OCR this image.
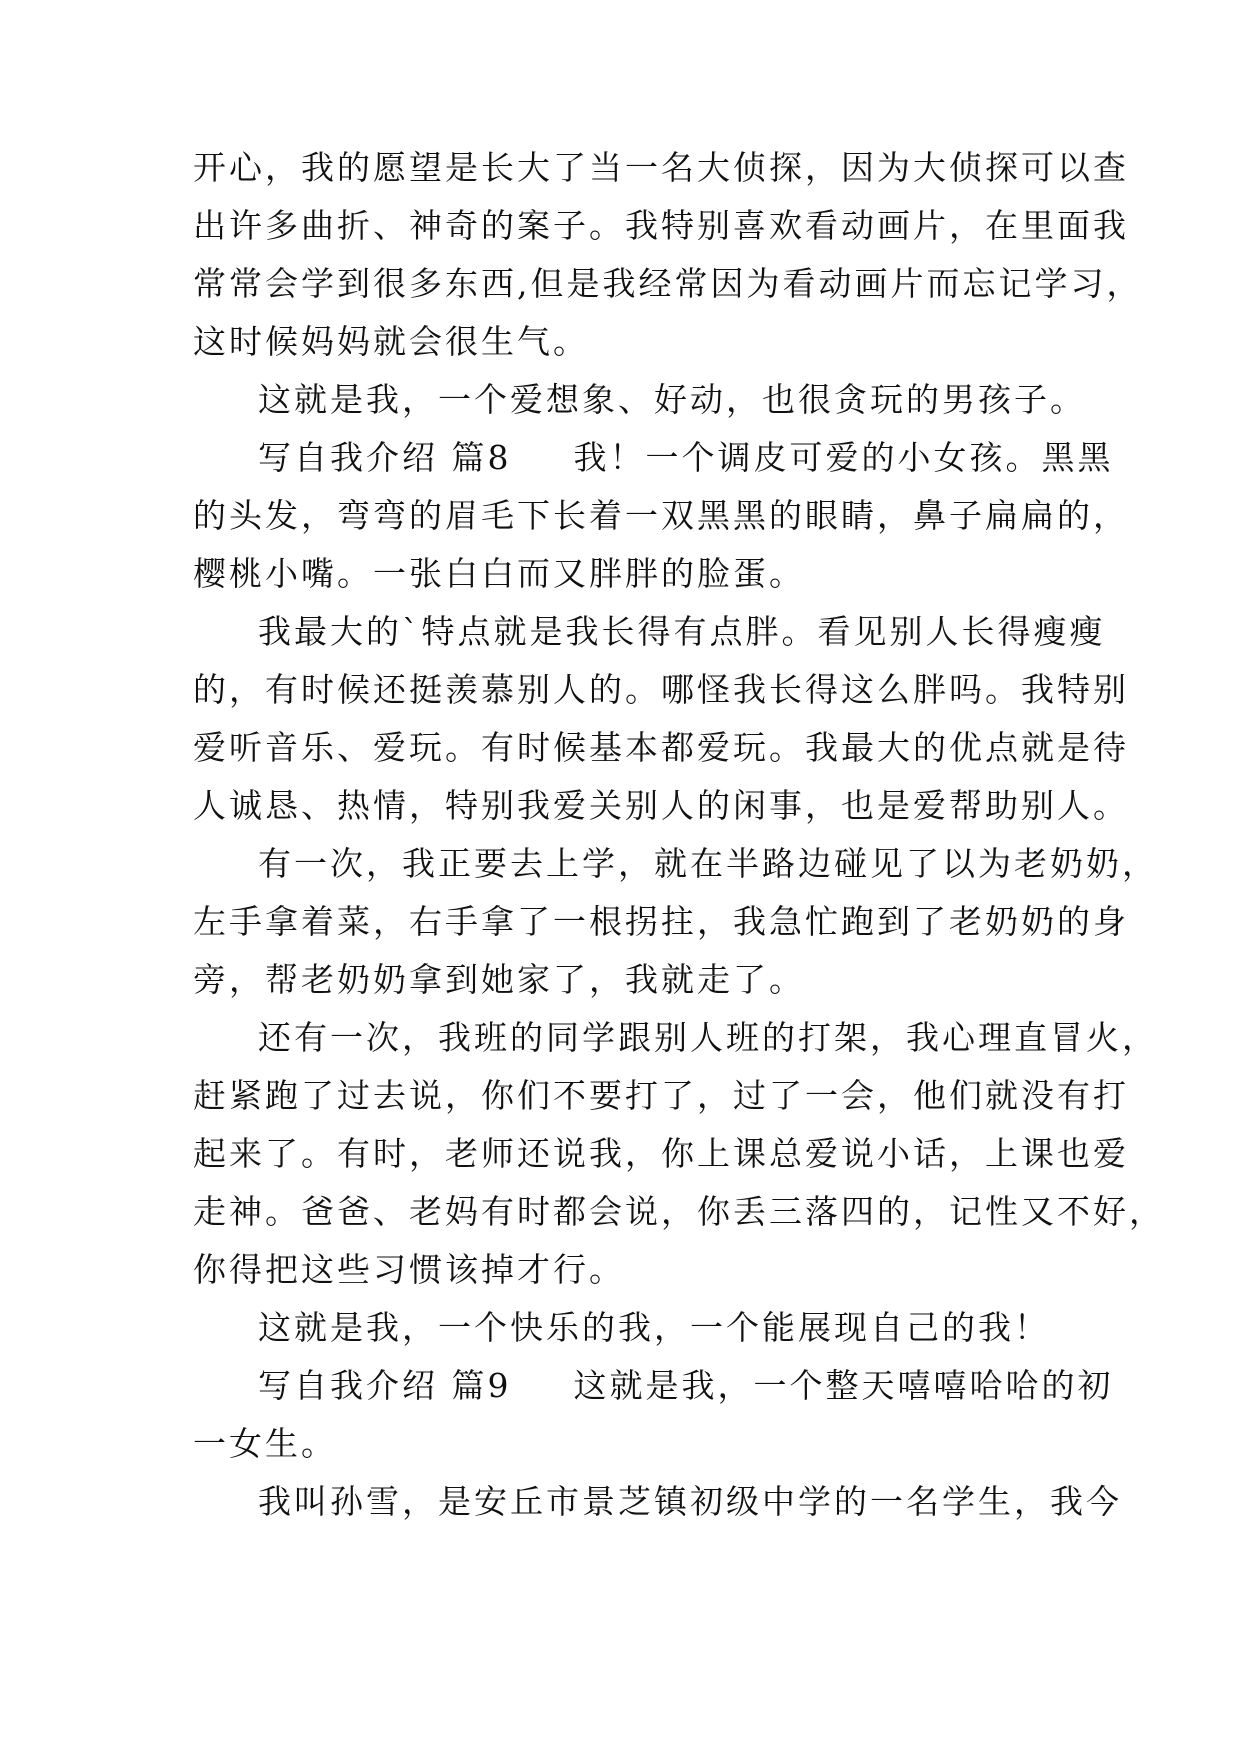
开心，我的愿望是长大了当一名大侦探，因为大侦探可以查
出许多曲折、神奇的案子。我特别喜欢看动画片，在里面我
常常会学到很多东西,但是我经常因为看动画片而忘记学习，
这时候妈妈就会很生气。
这就是我，一个爱想象、好动，也很贪玩的男孩子。
写自我介绍 篇8 我！一个调皮可爱的小女孩。黑黑
的头发，弯弯的眉毛下长着一双黑黑的眼睛，鼻子扁扁的，
樱桃小嘴。一张白白而又胖胖的脸蛋。
我最大的`特点就是我长得有点胖。看见别人长得瘦瘦
的，有时候还挺羡慕别人的。哪怪我长得这么胖吗。我特别
爱听音乐、爱玩。有时候基本都爱玩。我最大的优点就是待
人诚恳、热情，特别我爱关别人的闲事，也是爱帮助别人。
有一次，我正要去上学，就在半路边碰见了以为老奶奶，
左手拿着菜，右手拿了一根拐拄，我急忙跑到了老奶奶的身
旁，帮老奶奶拿到她家了，我就走了。
还有一次，我班的同学跟别人班的打架，我心理直冒火，
赶紧跑了过去说，你们不要打了，过了一会，他们就没有打
起来了。有时，老师还说我，你上课总爱说小话，上课也爱
走神。爸爸、老妈有时都会说，你丢三落四的，记性又不好，
你得把这些习惯该掉才行。
这就是我，一个快乐的我，一个能展现自己的我！
写自我介绍 篇9 这就是我，一个整天嘻嘻哈哈的初
一女生。
我叫孙雪，是安丘市景芝镇初级中学的一名学生，我今
